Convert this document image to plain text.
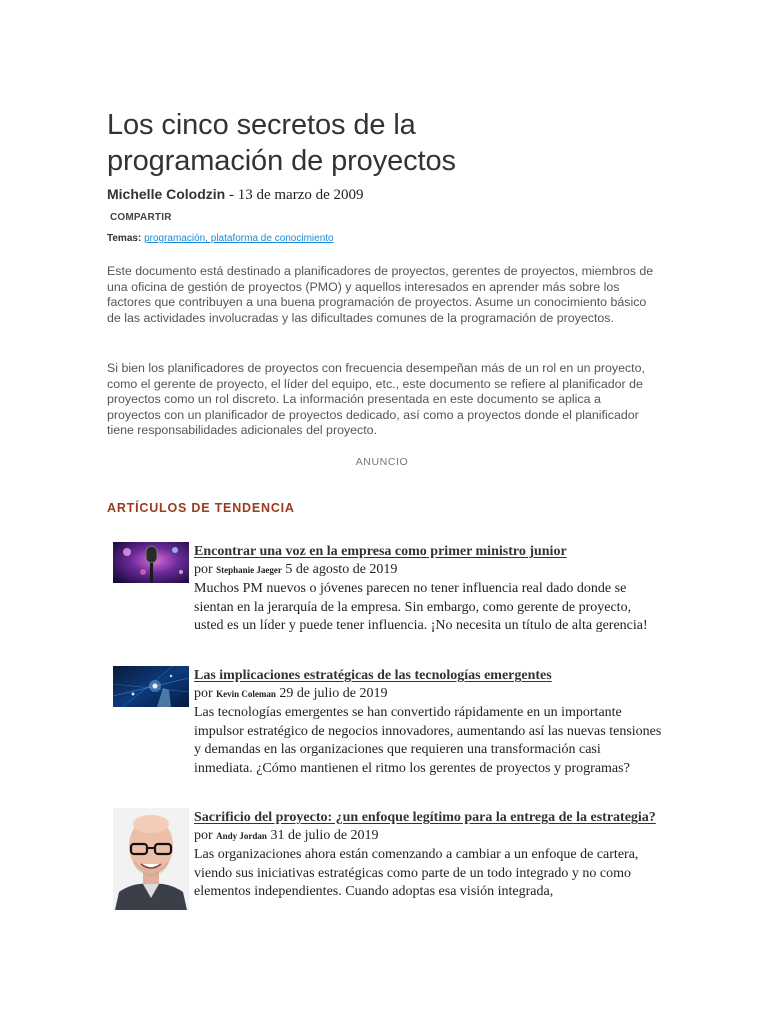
Los cinco secretos de la
programación de proyectos
Michelle Colodzin - 13 de marzo de 2009
COMPARTIR
Temas: programación, plataforma de conocimiento

Este documento está destinado a planificadores de proyectos, gerentes de proyectos, miembros de una oficina de gestión de proyectos (PMO) y aquellos interesados en aprender más sobre los factores que contribuyen a una buena programación de proyectos. Asume un conocimiento básico de las actividades involucradas y las dificultades comunes de la programación de proyectos.

Si bien los planificadores de proyectos con frecuencia desempeñan más de un rol en un proyecto, como el gerente de proyecto, el líder del equipo, etc., este documento se refiere al planificador de proyectos como un rol discreto. La información presentada en este documento se aplica a proyectos con un planificador de proyectos dedicado, así como a proyectos donde el planificador tiene responsabilidades adicionales del proyecto.

ANUNCIO
ARTÍCULOS DE TENDENCIA
Encontrar una voz en la empresa como primer ministro junior
por Stephanie Jaeger 5 de agosto de 2019
Muchos PM nuevos o jóvenes parecen no tener influencia real dado donde se sientan en la jerarquía de la empresa. Sin embargo, como gerente de proyecto, usted es un líder y puede tener influencia. ¡No necesita un título de alta gerencia!
Las implicaciones estratégicas de las tecnologías emergentes
por Kevin Coleman 29 de julio de 2019
Las tecnologías emergentes se han convertido rápidamente en un importante impulsor estratégico de negocios innovadores, aumentando así las nuevas tensiones y demandas en las organizaciones que requieren una transformación casi inmediata. ¿Cómo mantienen el ritmo los gerentes de proyectos y programas?
Sacrificio del proyecto: ¿un enfoque legítimo para la entrega de la estrategia?
por Andy Jordan 31 de julio de 2019
Las organizaciones ahora están comenzando a cambiar a un enfoque de cartera, viendo sus iniciativas estratégicas como parte de un todo integrado y no como elementos independientes. Cuando adoptas esa visión integrada,
